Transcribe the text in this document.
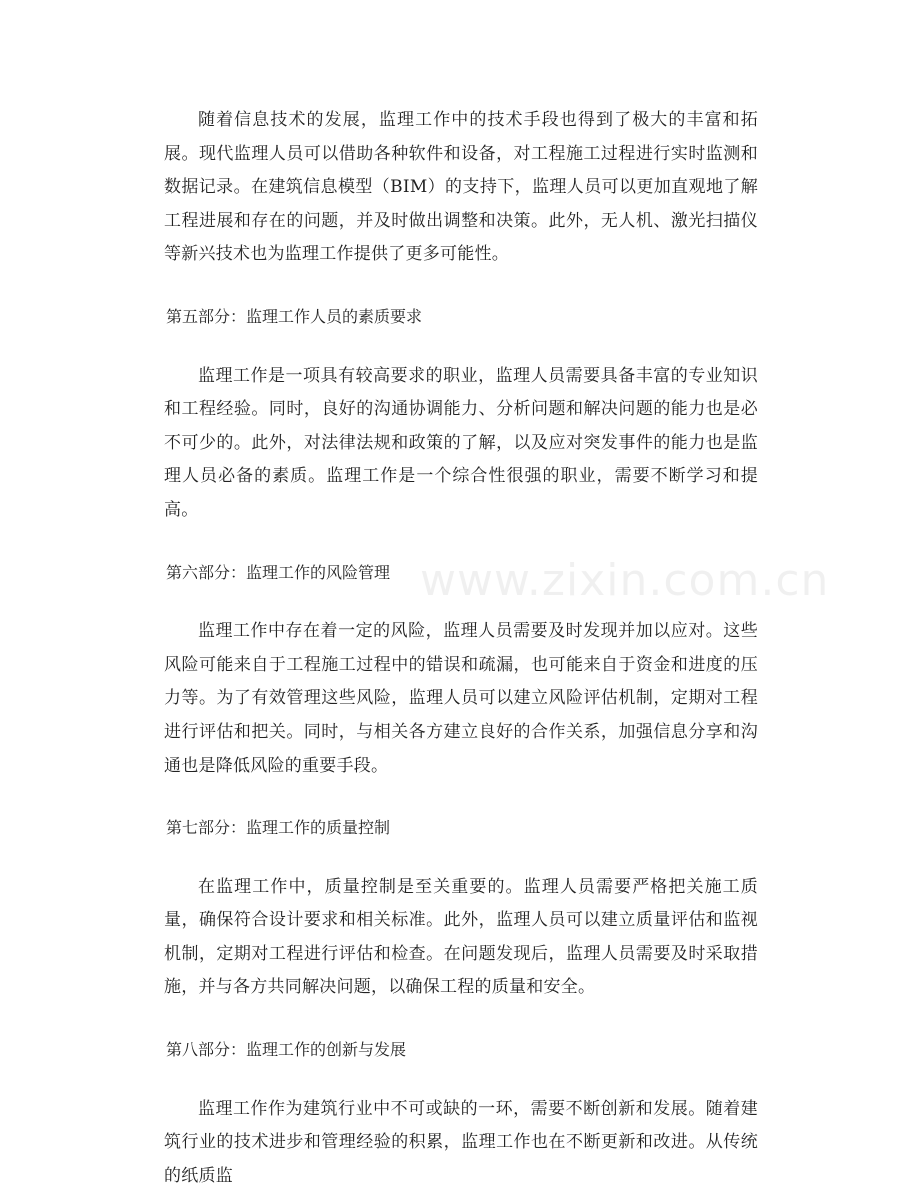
www.zixin.com.cn

随着信息技术的发展，监理工作中的技术手段也得到了极大的丰富和拓展。现代监理人员可以借助各种软件和设备，对工程施工过程进行实时监测和数据记录。在建筑信息模型（BIM）的支持下，监理人员可以更加直观地了解工程进展和存在的问题，并及时做出调整和决策。此外，无人机、激光扫描仪等新兴技术也为监理工作提供了更多可能性。

第五部分：监理工作人员的素质要求

监理工作是一项具有较高要求的职业，监理人员需要具备丰富的专业知识和工程经验。同时，良好的沟通协调能力、分析问题和解决问题的能力也是必不可少的。此外，对法律法规和政策的了解，以及应对突发事件的能力也是监理人员必备的素质。监理工作是一个综合性很强的职业，需要不断学习和提高。

第六部分：监理工作的风险管理

监理工作中存在着一定的风险，监理人员需要及时发现并加以应对。这些风险可能来自于工程施工过程中的错误和疏漏，也可能来自于资金和进度的压力等。为了有效管理这些风险，监理人员可以建立风险评估机制，定期对工程进行评估和把关。同时，与相关各方建立良好的合作关系，加强信息分享和沟通也是降低风险的重要手段。

第七部分：监理工作的质量控制

在监理工作中，质量控制是至关重要的。监理人员需要严格把关施工质量，确保符合设计要求和相关标准。此外，监理人员可以建立质量评估和监视机制，定期对工程进行评估和检查。在问题发现后，监理人员需要及时采取措施，并与各方共同解决问题，以确保工程的质量和安全。

第八部分：监理工作的创新与发展

监理工作作为建筑行业中不可或缺的一环，需要不断创新和发展。随着建筑行业的技术进步和管理经验的积累，监理工作也在不断更新和改进。从传统的纸质监
